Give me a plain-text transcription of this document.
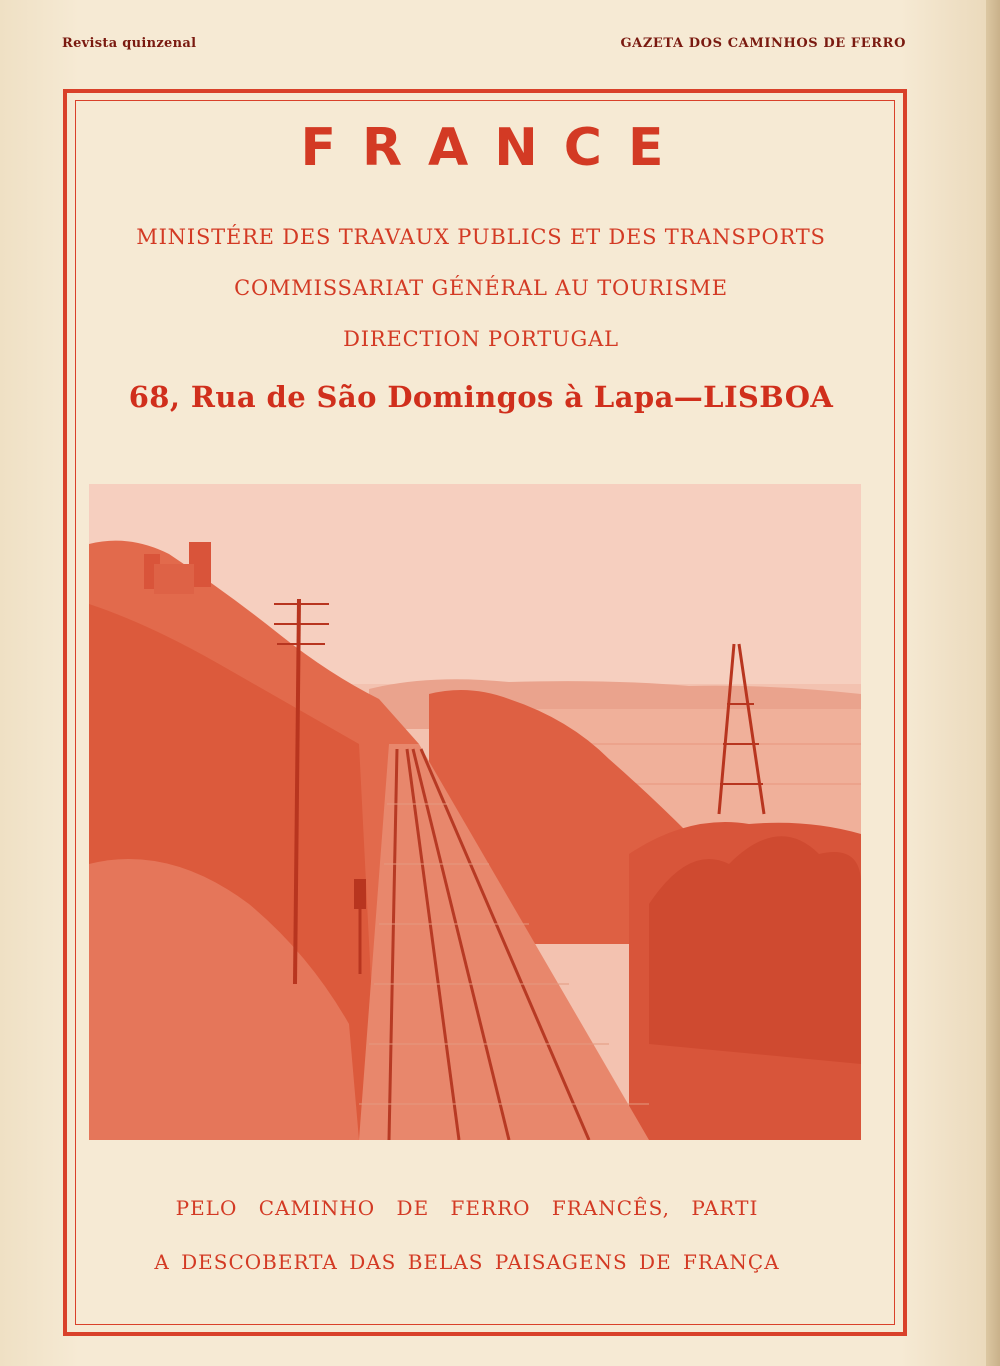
Revista quinzenal	GAZETA DOS CAMINHOS DE FERRO
FRANCE
MINISTÉRE DES TRAVAUX PUBLICS ET DES TRANSPORTS
COMMISSARIAT GÉNÉRAL AU TOURISME
DIRECTION PORTUGAL
68, Rua de São Domingos à Lapa—LISBOA
PELO CAMINHO DE FERRO FRANCÊS, PARTI
A DESCOBERTA DAS BELAS PAISAGENS DE FRANÇA
